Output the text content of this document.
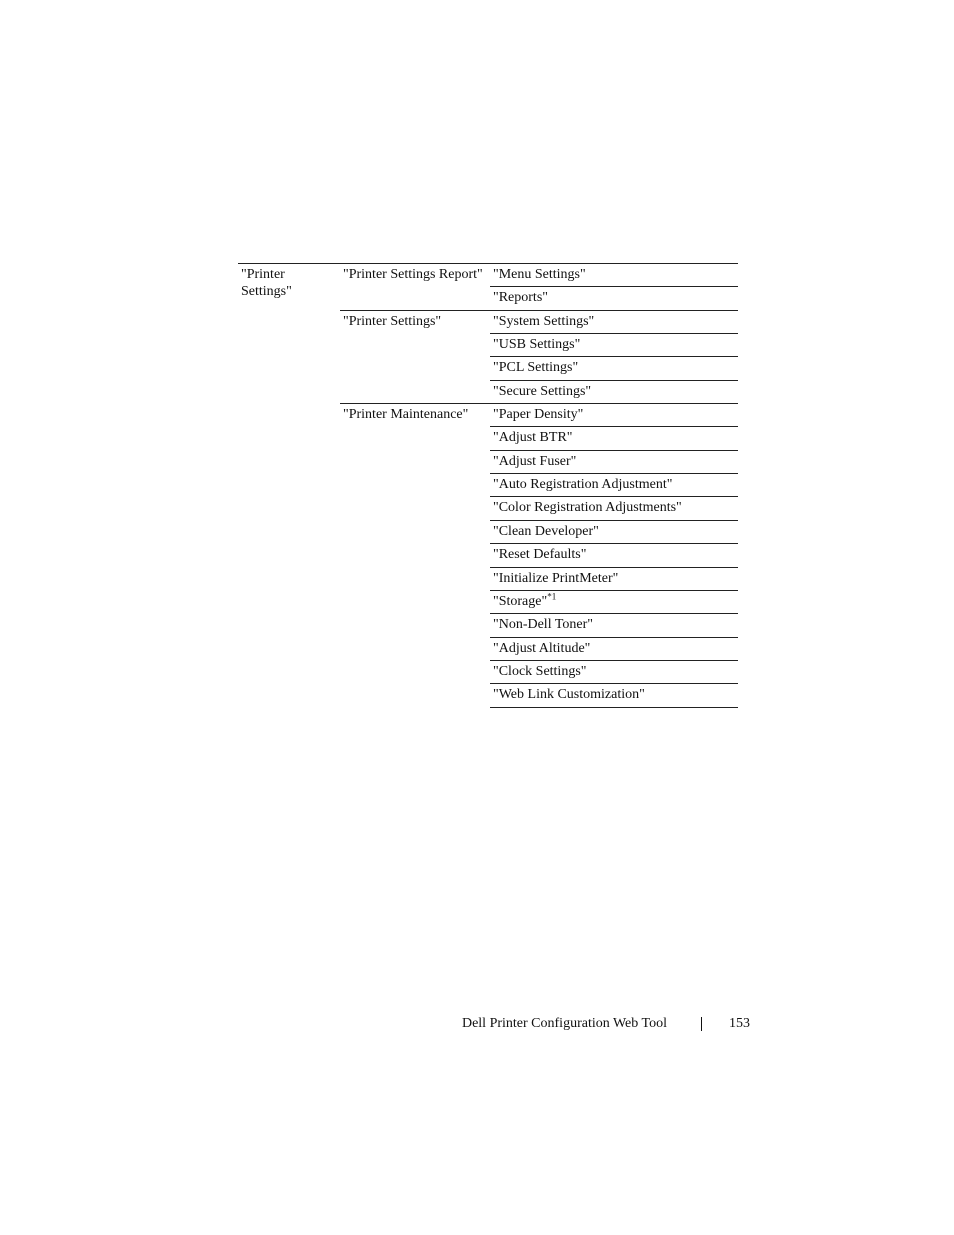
"Printer Settings"
"Printer Settings Report" "Menu Settings"
"Reports"
"Printer Settings"	"System Settings"
"USB Settings"
"PCL Settings"
"Secure Settings"
"Printer Maintenance" "Paper Density"
"Adjust BTR"
"Adjust Fuser"
"Auto Registration Adjustment"
"Color Registration Adjustments"
"Clean Developer"
"Reset Defaults"
"Initialize PrintMeter"
"Storage"$^{*1}$
"Non-Dell Toner"
"Adjust Altitude"
"Clock Settings"
"Web Link Customization"
Dell Printer Configuration Web Tool	153
